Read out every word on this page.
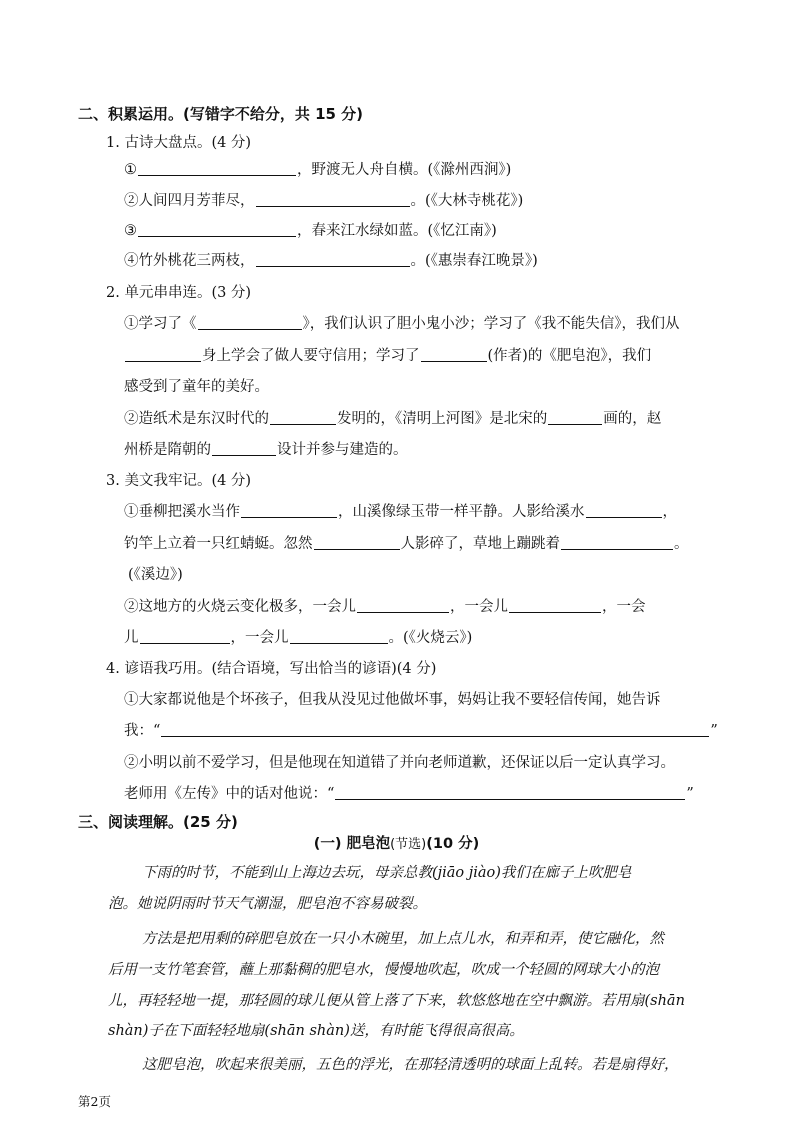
二、积累运用。(写错字不给分，共 15 分)
1. 古诗大盘点。(4 分)
①	，野渡无人舟自横。(《滁州西涧》)
②人间四月芳菲尽，	。(《大林寺桃花》)
③	，春来江水绿如蓝。(《忆江南》)
④竹外桃花三两枝，	。(《惠崇春江晚景》)
2. 单元串串连。(3 分)
①学习了《	》，我们认识了胆小鬼小沙；学习了《我不能失信》，我们从
身上学会了做人要守信用；学习了	(作者)的《肥皂泡》，我们
感受到了童年的美好。
②造纸术是东汉时代的	发明的，《清明上河图》是北宋的	画的，赵
州桥是隋朝的	设计并参与建造的。
3. 美文我牢记。(4 分)
①垂柳把溪水当作	，山溪像绿玉带一样平静。人影给溪水	，
钓竿上立着一只红蜻蜓。忽然	人影碎了，草地上蹦跳着	。
(《溪边》)
②这地方的火烧云变化极多，一会儿	，一会儿	，一会
儿	，一会儿	。(《火烧云》)
4. 谚语我巧用。(结合语境，写出恰当的谚语)(4 分)
①大家都说他是个坏孩子，但我从没见过他做坏事，妈妈让我不要轻信传闻，她告诉
我：“	”
②小明以前不爱学习，但是他现在知道错了并向老师道歉，还保证以后一定认真学习。
老师用《左传》中的话对他说：“	”
三、阅读理解。(25 分)
(一) 肥皂泡(节选)(10 分)
下雨的时节，不能到山上海边去玩，母亲总教(jiāo jiào)我们在廊子上吹肥皂
泡。她说阴雨时节天气潮湿，肥皂泡不容易破裂。
方法是把用剩的碎肥皂放在一只小木碗里，加上点儿水，和弄和弄，使它融化，然
后用一支竹笔套管，蘸上那黏稠的肥皂水，慢慢地吹起，吹成一个轻圆的网球大小的泡
儿，再轻轻地一提，那轻圆的球儿便从管上落了下来，软悠悠地在空中飘游。若用扇(shān
shàn)子在下面轻轻地扇(shān shàn)送，有时能飞得很高很高。
这肥皂泡，吹起来很美丽，五色的浮光，在那轻清透明的球面上乱转。若是扇得好，
第2页
